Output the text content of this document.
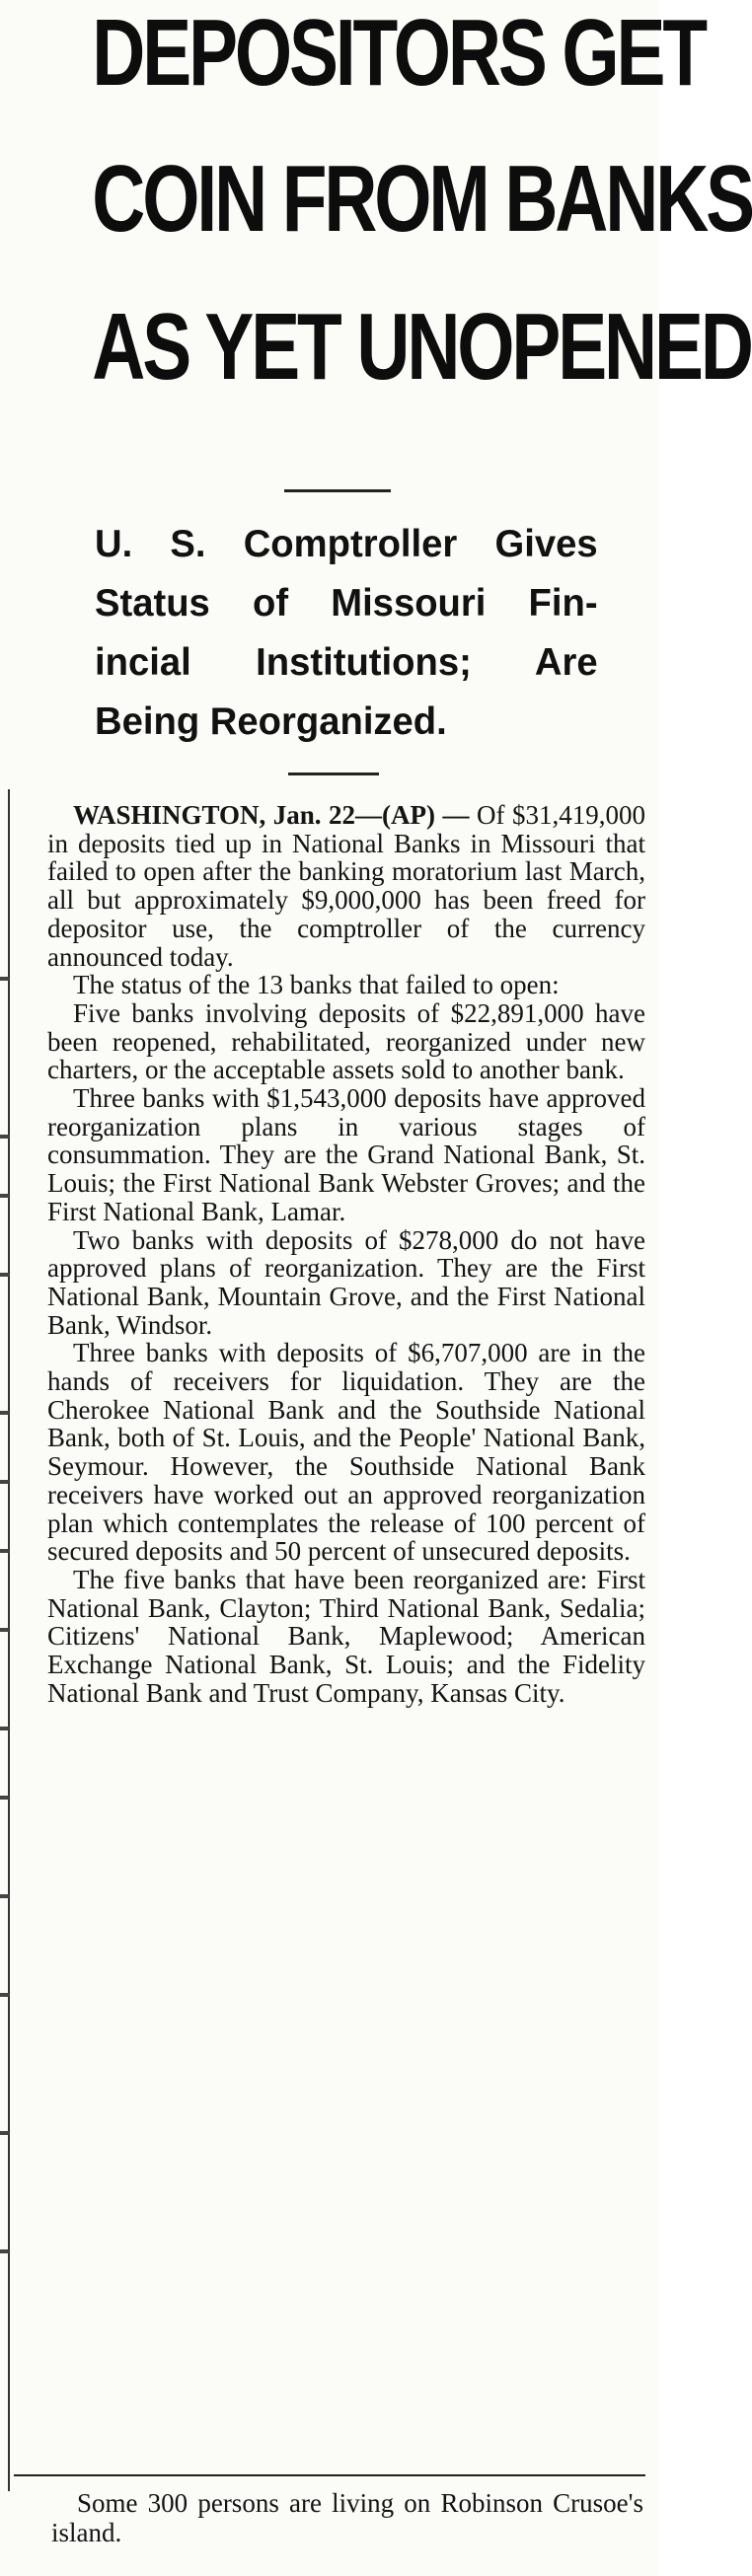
DEPOSITORS GET
COIN FROM BANKS
AS YET UNOPENED
U. S. Comptroller Gives Status of Missouri Fin- incial Institutions; Are Being Reorganized.

WASHINGTON, Jan. 22—(AP) — Of $31,419,000 in deposits tied up in National Banks in Missouri that failed to open after the banking moratorium last March, all but approximately $9,000,000 has been freed for depositor use, the comptroller of the currency announced today.

The status of the 13 banks that failed to open:

Five banks involving deposits of $22,891,000 have been reopened, rehabilitated, reorganized under new charters, or the acceptable assets sold to another bank.

Three banks with $1,543,000 deposits have approved reorganization plans in various stages of consummation. They are the Grand National Bank, St. Louis; the First National Bank Webster Groves; and the First National Bank, Lamar.

Two banks with deposits of $278,000 do not have approved plans of reorganization. They are the First National Bank, Mountain Grove, and the First National Bank, Windsor.

Three banks with deposits of $6,707,000 are in the hands of receivers for liquidation. They are the Cherokee National Bank and the Southside National Bank, both of St. Louis, and the People' National Bank, Seymour. However, the Southside National Bank receivers have worked out an approved reorganization plan which contemplates the release of 100 percent of secured deposits and 50 percent of unsecured deposits.

The five banks that have been reorganized are: First National Bank, Clayton; Third National Bank, Sedalia; Citizens' National Bank, Maplewood; American Exchange National Bank, St. Louis; and the Fidelity National Bank and Trust Company, Kansas City.

Some 300 persons are living on Robinson Crusoe's island.
